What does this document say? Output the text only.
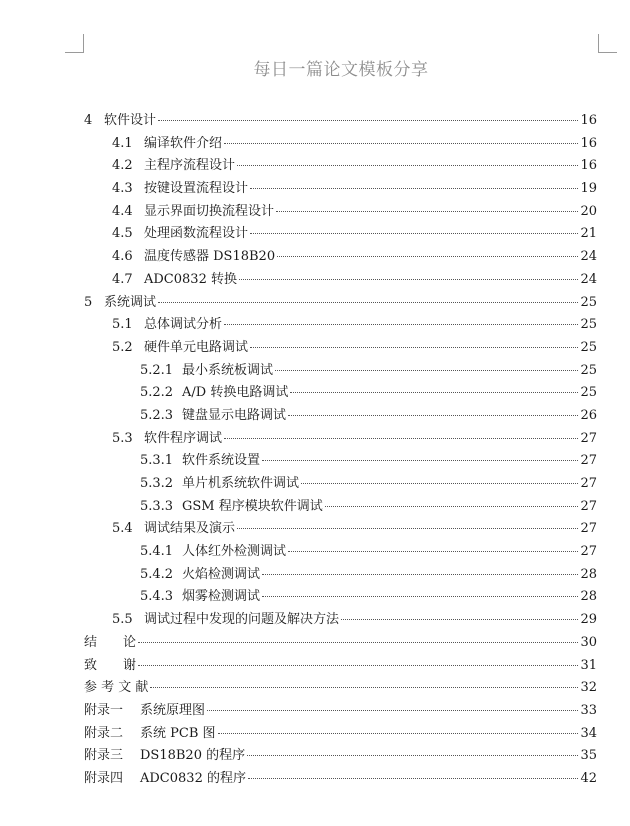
每日一篇论文模板分享
4 软件设计	16
4.1 编译软件介绍	16
4.2 主程序流程设计	16
4.3 按键设置流程设计	19
4.4 显示界面切换流程设计	20
4.5 处理函数流程设计	21
4.6 温度传感器 DS18B20	24
4.7 ADC0832 转换	24
5 系统调试	25
5.1 总体调试分析	25
5.2 硬件单元电路调试	25
5.2.1 最小系统板调试	25
5.2.2 A/D 转换电路调试	25
5.2.3 键盘显示电路调试	26
5.3 软件程序调试	27
5.3.1 软件系统设置	27
5.3.2 单片机系统软件调试	27
5.3.3 GSM 程序模块软件调试	27
5.4 调试结果及演示	27
5.4.1 人体红外检测调试	27
5.4.2 火焰检测调试	28
5.4.3 烟雾检测调试	28
5.5 调试过程中发现的问题及解决方法	29
结　　论	30
致　　谢	31
参 考 文 献	32
附录一	系统原理图	33
附录二	系统 PCB 图	34
附录三	DS18B20 的程序	35
附录四	ADC0832 的程序	42
